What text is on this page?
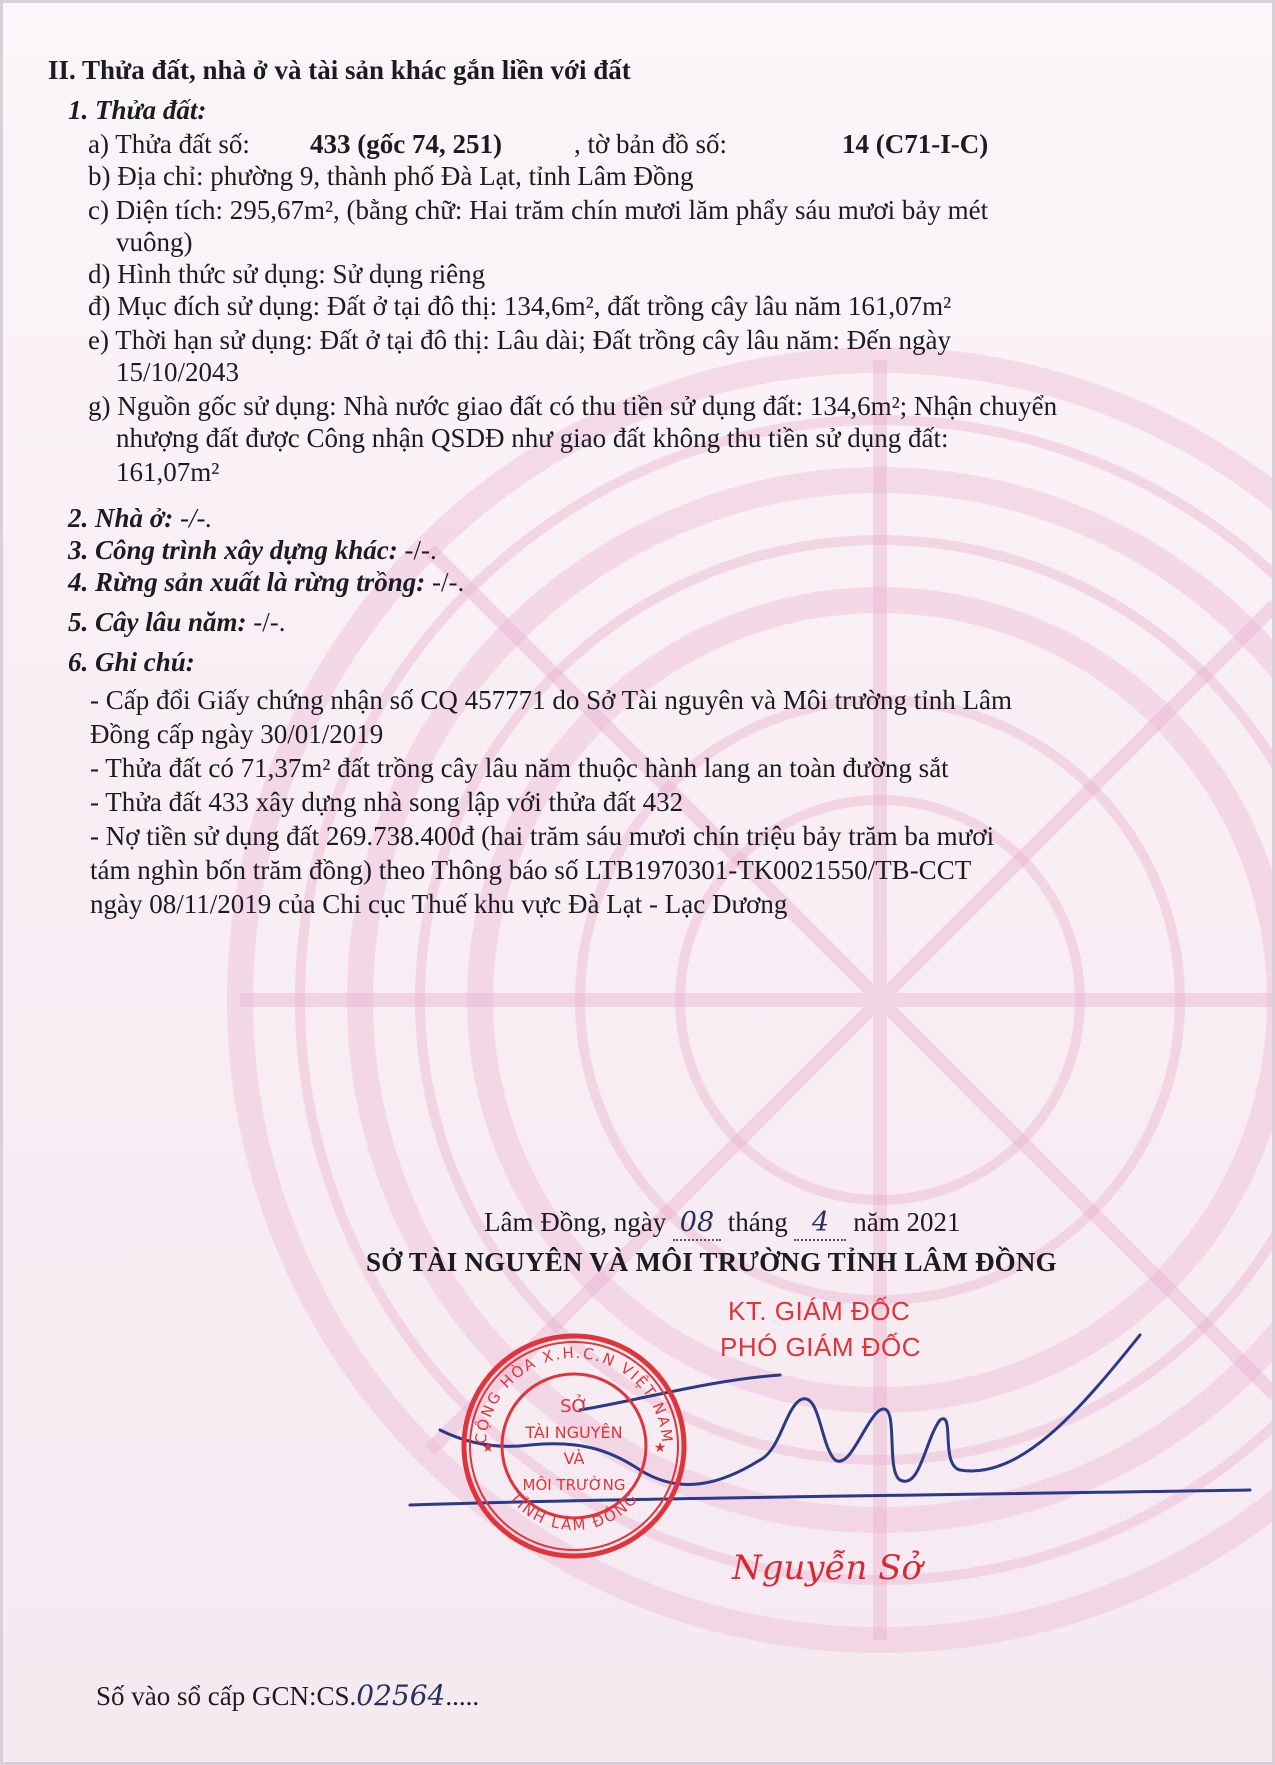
II. Thửa đất, nhà ở và tài sản khác gắn liền với đất
1. Thửa đất:
a) Thửa đất số: 433 (gốc 74, 251)	, tờ bản đồ số:	14 (C71-I-C)
b) Địa chỉ: phường 9, thành phố Đà Lạt, tỉnh Lâm Đồng
c) Diện tích: 295,67m², (bằng chữ: Hai trăm chín mươi lăm phẩy sáu mươi bảy mét
vuông)
d) Hình thức sử dụng: Sử dụng riêng
đ) Mục đích sử dụng: Đất ở tại đô thị: 134,6m², đất trồng cây lâu năm 161,07m²
e) Thời hạn sử dụng: Đất ở tại đô thị: Lâu dài; Đất trồng cây lâu năm: Đến ngày
15/10/2043
g) Nguồn gốc sử dụng: Nhà nước giao đất có thu tiền sử dụng đất: 134,6m²; Nhận chuyển
nhượng đất được Công nhận QSDĐ như giao đất không thu tiền sử dụng đất:
161,07m²
2. Nhà ở: -/-.
3. Công trình xây dựng khác: -/-.
4. Rừng sản xuất là rừng trồng: -/-.
5. Cây lâu năm: -/-.
6. Ghi chú:
- Cấp đổi Giấy chứng nhận số CQ 457771 do Sở Tài nguyên và Môi trường tỉnh Lâm
Đồng cấp ngày 30/01/2019
- Thửa đất có 71,37m² đất trồng cây lâu năm thuộc hành lang an toàn đường sắt
- Thửa đất 433 xây dựng nhà song lập với thửa đất 432
- Nợ tiền sử dụng đất 269.738.400đ (hai trăm sáu mươi chín triệu bảy trăm ba mươi
tám nghìn bốn trăm đồng) theo Thông báo số LTB1970301-TK0021550/TB-CCT
ngày 08/11/2019 của Chi cục Thuế khu vực Đà Lạt - Lạc Dương
Lâm Đồng, ngày 08 tháng 4 năm 2021
SỞ TÀI NGUYÊN VÀ MÔI TRƯỜNG TỈNH LÂM ĐỒNG
KT. GIÁM ĐỐC
PHÓ GIÁM ĐỐC
CỘNG HÒA X.H.C.N VIỆT NAM
TỈNH LÂM ĐỒNG
★	★
SỞ
TÀI NGUYÊN
VÀ
MÔI TRƯỜNG
Nguyễn Sở
Số vào sổ cấp GCN:CS.02564.....
